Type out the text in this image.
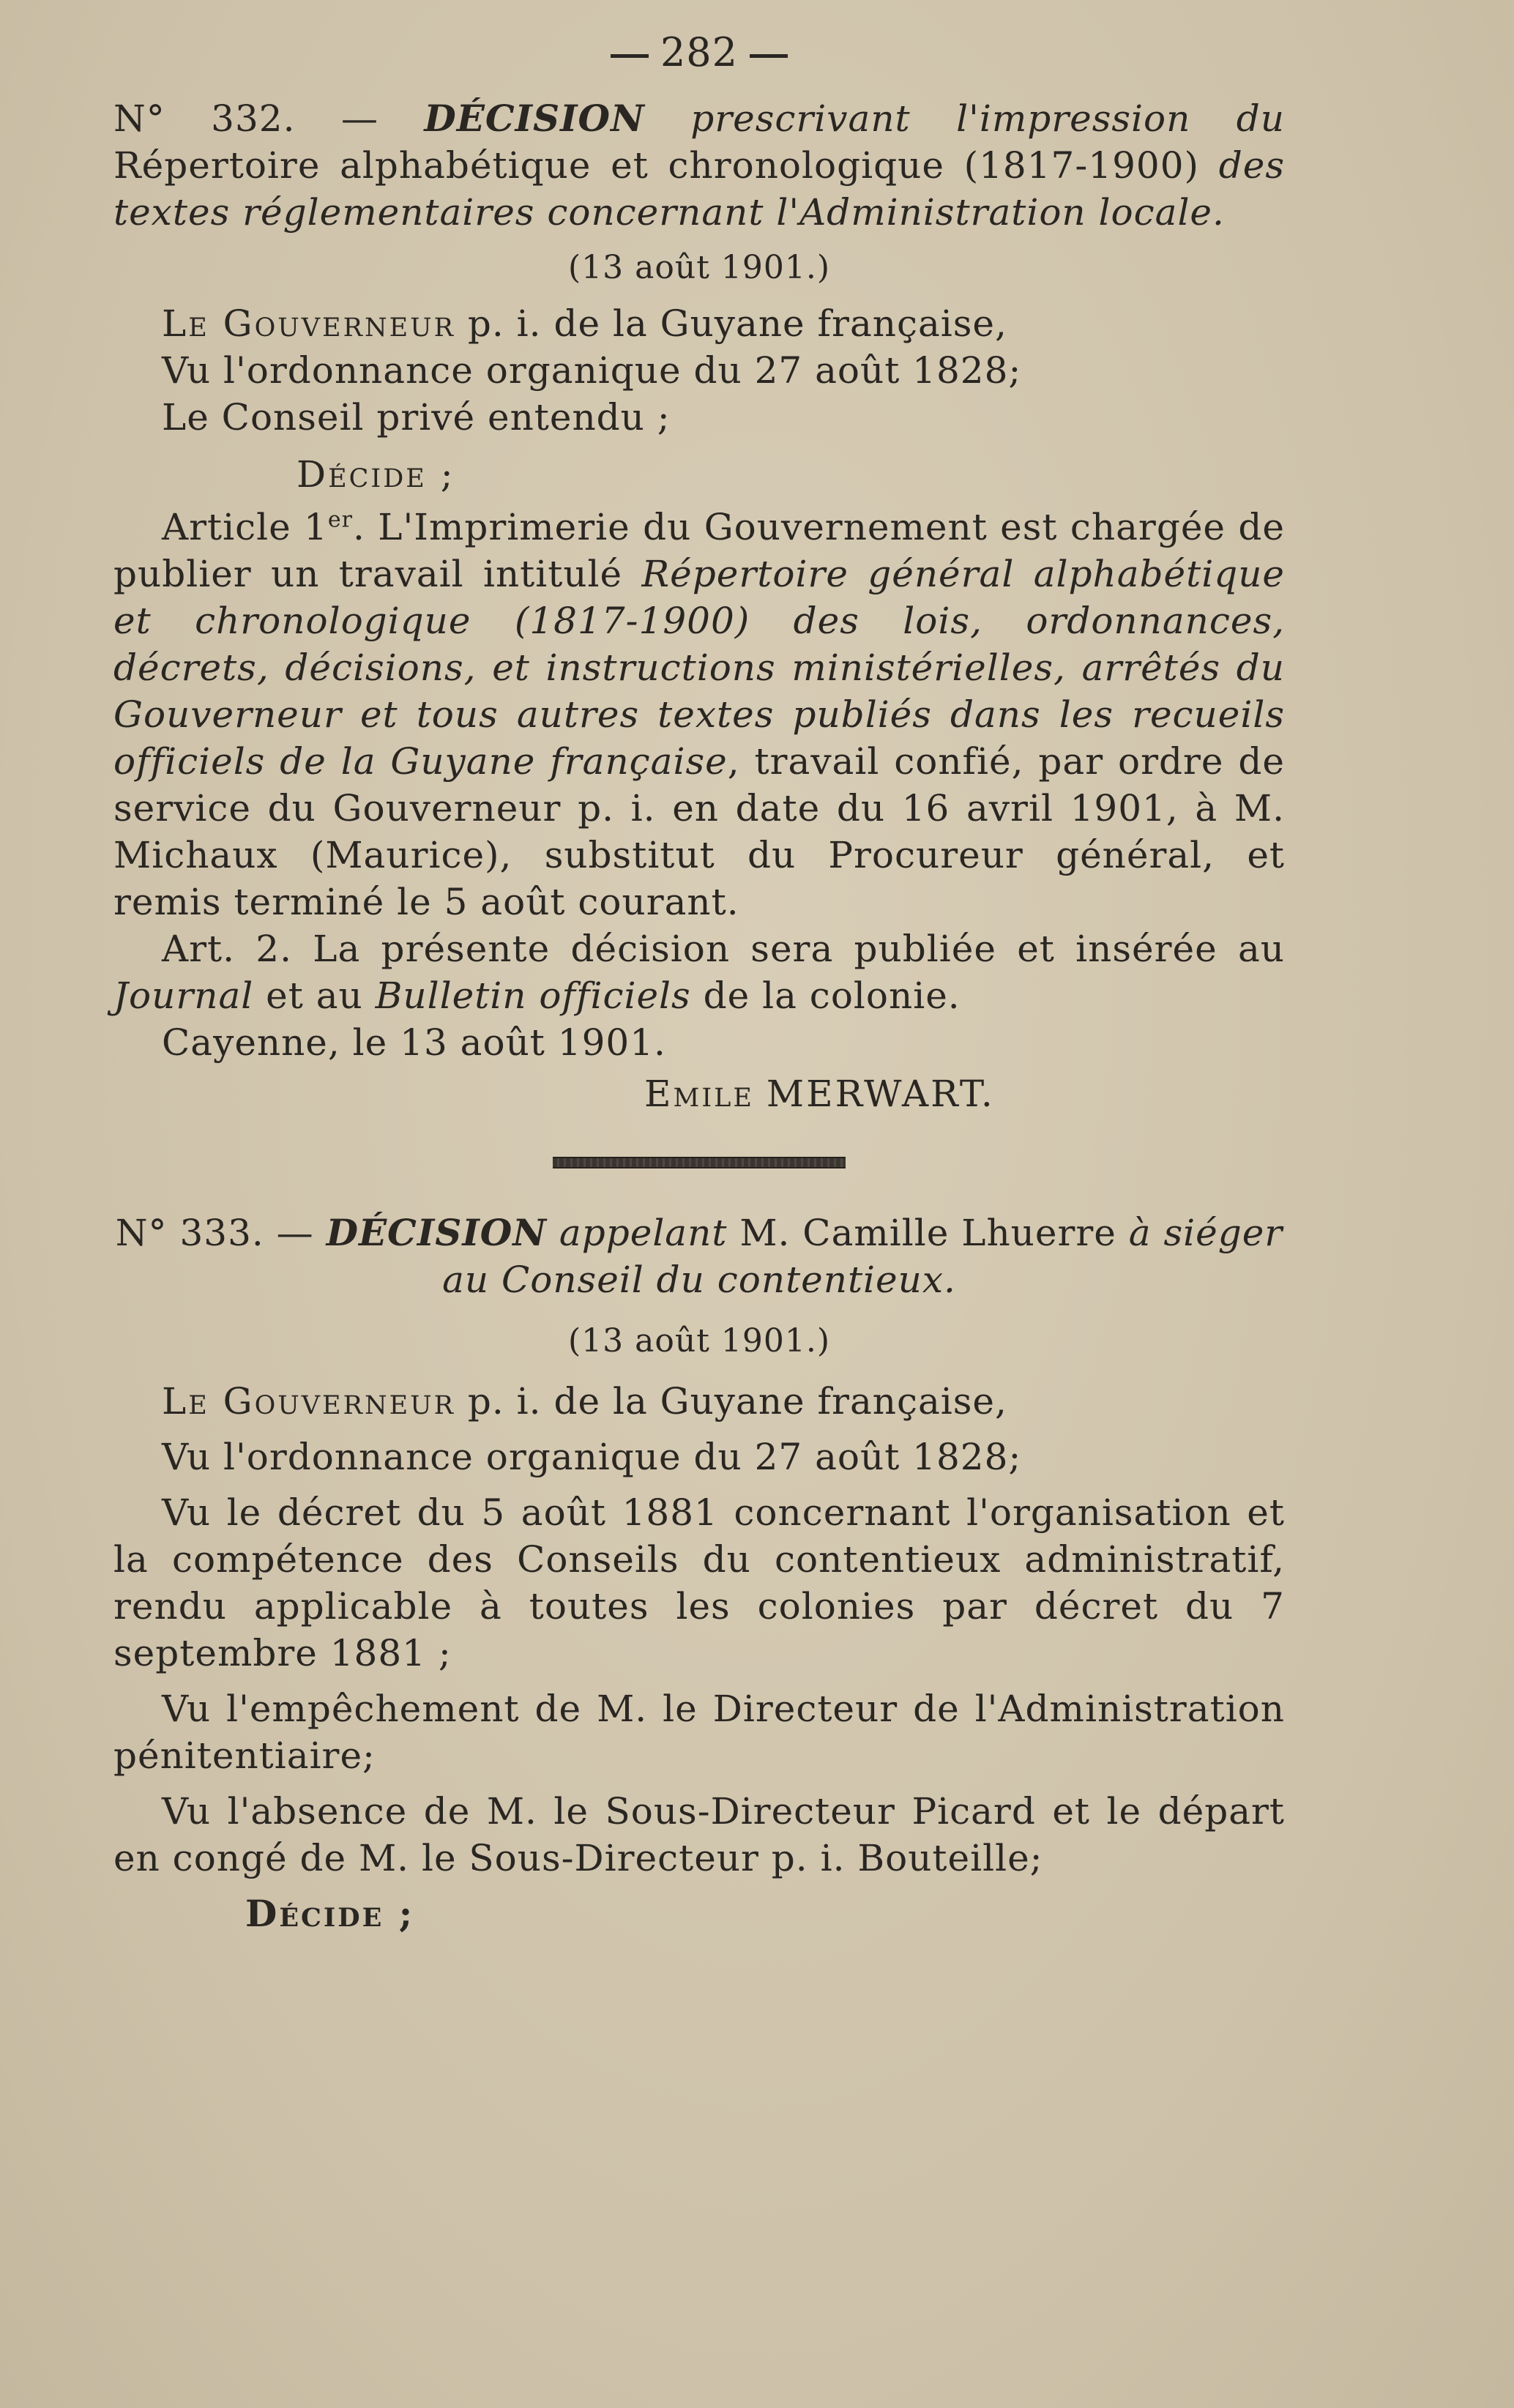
282

N° 332. — DÉCISION prescrivant l'impression du Répertoire alphabétique et chronologique (1817-1900) des textes réglementaires concernant l'Administration locale.

(13 août 1901.)

Le Gouverneur p. i. de la Guyane française,

Vu l'ordonnance organique du 27 août 1828;

Le Conseil privé entendu ;

Décide ;

Article 1er. L'Imprimerie du Gouvernement est chargée de publier un travail intitulé Répertoire général alphabétique et chronologique (1817-1900) des lois, ordonnances, décrets, décisions, et instructions ministérielles, arrêtés du Gouverneur et tous autres textes publiés dans les recueils officiels de la Guyane française, travail confié, par ordre de service du Gouverneur p. i. en date du 16 avril 1901, à M. Michaux (Maurice), substitut du Procureur général, et remis terminé le 5 août courant.

Art. 2. La présente décision sera publiée et insérée au Journal et au Bulletin officiels de la colonie.

Cayenne, le 13 août 1901.

Emile MERWART.

N° 333. — DÉCISION appelant M. Camille Lhuerre à siéger au Conseil du contentieux.

(13 août 1901.)

Le Gouverneur p. i. de la Guyane française,

Vu l'ordonnance organique du 27 août 1828;

Vu le décret du 5 août 1881 concernant l'organisation et la compétence des Conseils du contentieux administratif, rendu applicable à toutes les colonies par décret du 7 septembre 1881 ;

Vu l'empêchement de M. le Directeur de l'Administration pénitentiaire;

Vu l'absence de M. le Sous-Directeur Picard et le départ en congé de M. le Sous-Directeur p. i. Bouteille;

Décide ;
